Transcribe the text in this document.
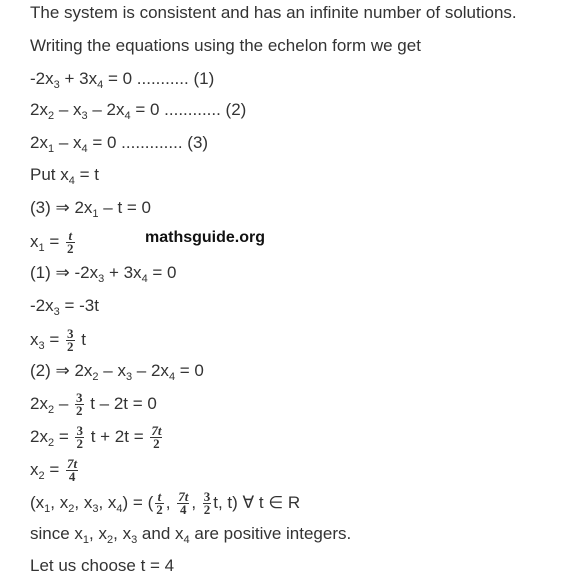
The system is consistent and has an infinite number of solutions.
Writing the equations using the echelon form we get
$-2x_3 + 3x_4 = 0$ ........... (1)
$2x_2 - x_3 - 2x_4 = 0$ ............ (2)
$2x_1 - x_4 = 0$ ............. (3)
Put $x_4 = t$
(3) ⇒ $2x_1 - t = 0$
$x_1 = \frac{t}{2}$	mathsguide.org
(1) ⇒ $-2x_3 + 3x_4 = 0$
$-2x_3 = -3t$
$x_3 = \frac{3}{2}$ t
(2) ⇒ $2x_2 - x_3 - 2x_4 = 0$
$2x_2 - \frac{3}{2}$ t – 2t = 0
$2x_2 = \frac{3}{2}$ $t + 2t = \frac{7t}{2}$
$x_2 = \frac{7t}{4}$
($x_1$, $x_2$, $x_3$, $x_4$) = ( $\frac{t}{2}$ , $\frac{7t}{4}$ , $\frac{3}{2} t$, t) ∀ t ∈ R
since $x_1$, $x_2$, $x_3$ and $x_4$ are positive integers.
Let us choose t = 4
